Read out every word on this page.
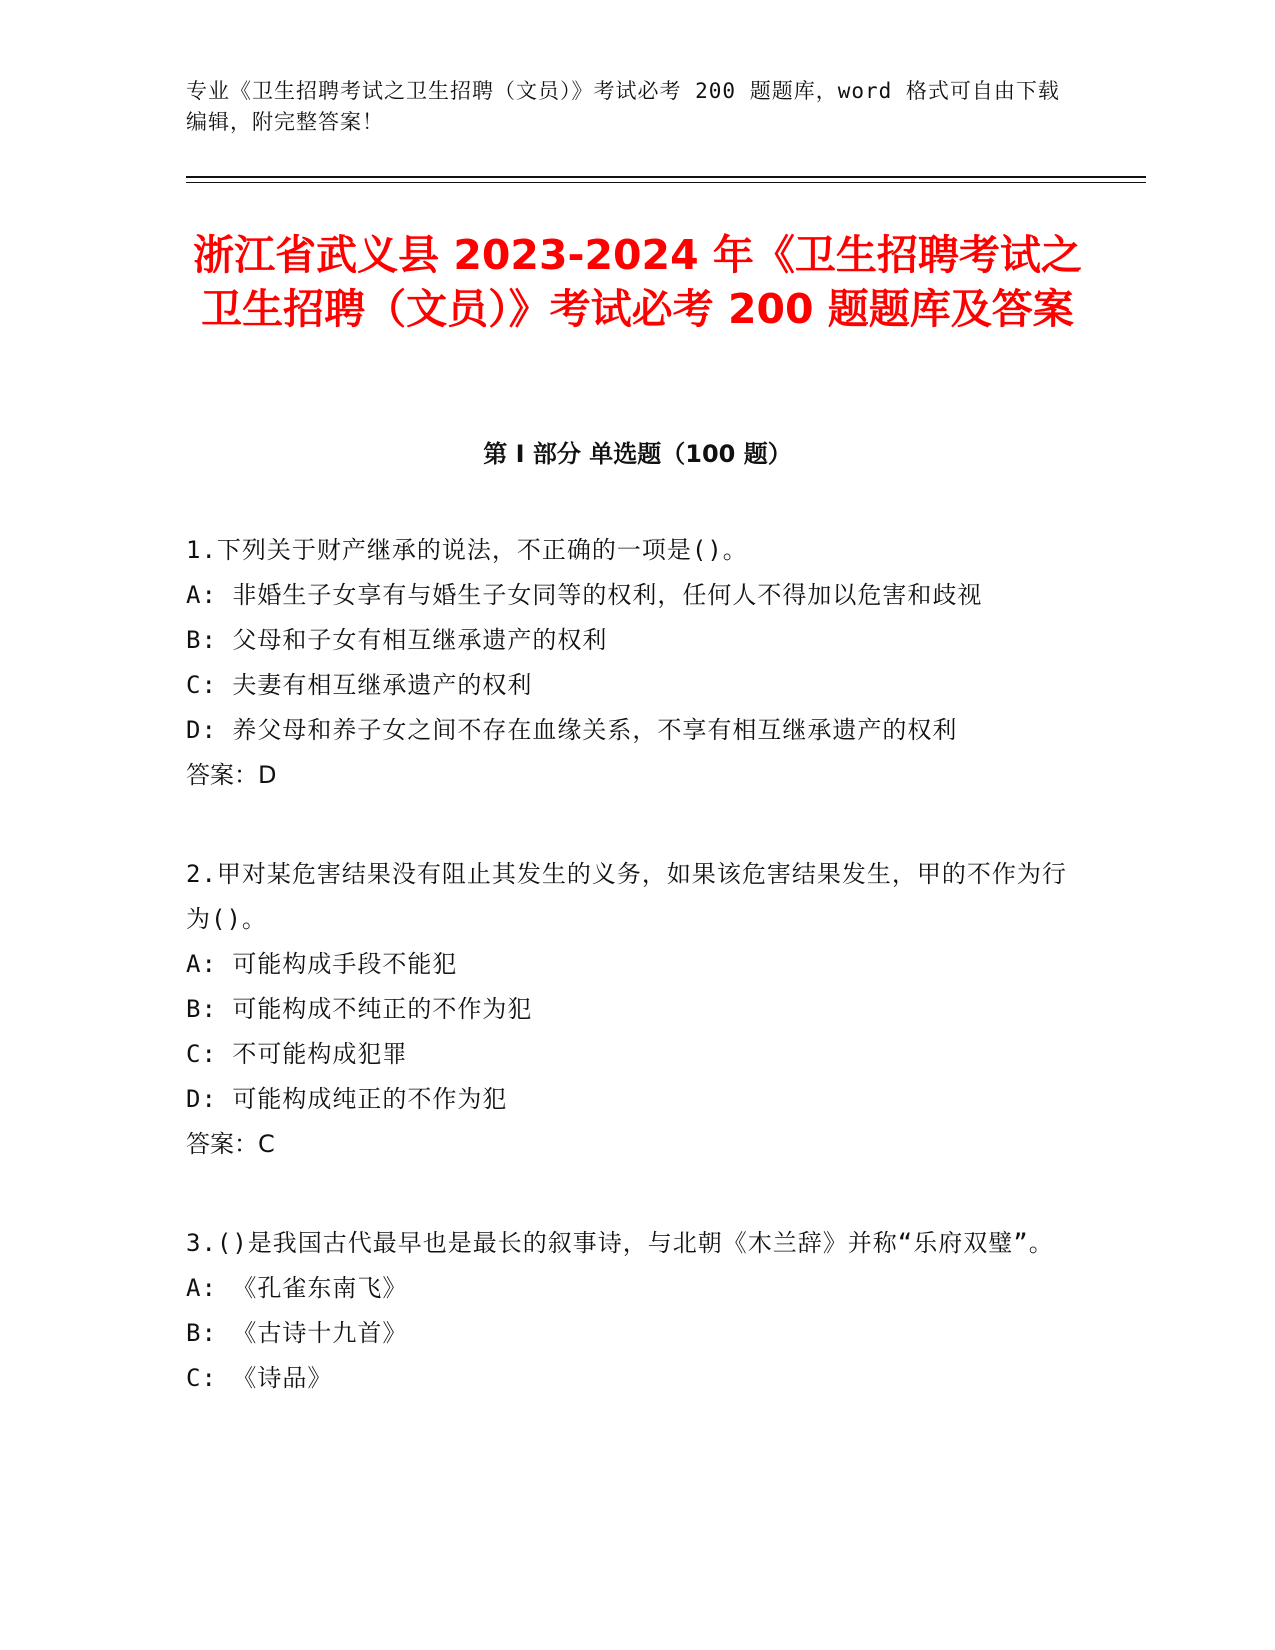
专业《卫生招聘考试之卫生招聘（文员）》考试必考 200 题题库，word 格式可自由下载编辑，附完整答案！
浙江省武义县 2023-2024 年《卫生招聘考试之卫生招聘（文员）》考试必考 200 题题库及答案
第 I 部分 单选题（100 题）
1.下列关于财产继承的说法，不正确的一项是()。
A: 非婚生子女享有与婚生子女同等的权利，任何人不得加以危害和歧视
B: 父母和子女有相互继承遗产的权利
C: 夫妻有相互继承遗产的权利
D: 养父母和养子女之间不存在血缘关系，不享有相互继承遗产的权利
答案：D
2.甲对某危害结果没有阻止其发生的义务，如果该危害结果发生，甲的不作为行为()。
A: 可能构成手段不能犯
B: 可能构成不纯正的不作为犯
C: 不可能构成犯罪
D: 可能构成纯正的不作为犯
答案：C
3.()是我国古代最早也是最长的叙事诗，与北朝《木兰辞》并称“乐府双璧”。
A: 《孔雀东南飞》
B: 《古诗十九首》
C: 《诗品》
